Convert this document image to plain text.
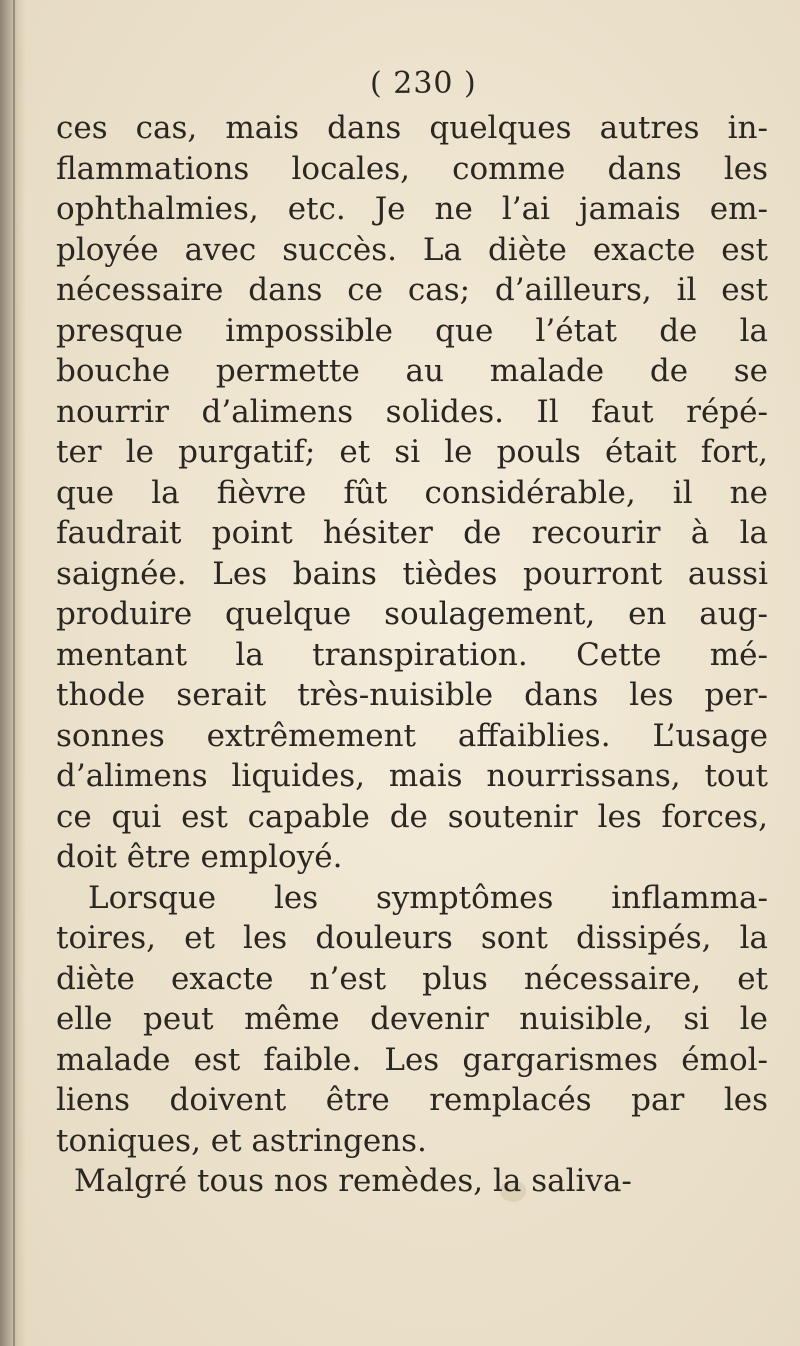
( 230 )
ces cas, mais dans quelques autres in-
flammations locales, comme dans les
ophthalmies, etc. Je ne l’ai jamais em-
ployée avec succès. La diète exacte est
nécessaire dans ce cas; d’ailleurs, il est
presque impossible que l’état de la
bouche permette au malade de se
nourrir d’alimens solides. Il faut répé-
ter le purgatif; et si le pouls était fort,
que la fièvre fût considérable, il ne
faudrait point hésiter de recourir à la
saignée. Les bains tièdes pourront aussi
produire quelque soulagement, en aug-
mentant la transpiration. Cette mé-
thode serait très-nuisible dans les per-
sonnes extrêmement affaiblies. L’usage
d’alimens liquides, mais nourrissans, tout
ce qui est capable de soutenir les forces,
doit être employé.
Lorsque les symptômes inflamma-
toires, et les douleurs sont dissipés, la
diète exacte n’est plus nécessaire, et
elle peut même devenir nuisible, si le
malade est faible. Les gargarismes émol-
liens doivent être remplacés par les
toniques, et astringens.
Malgré tous nos remèdes, la saliva-
